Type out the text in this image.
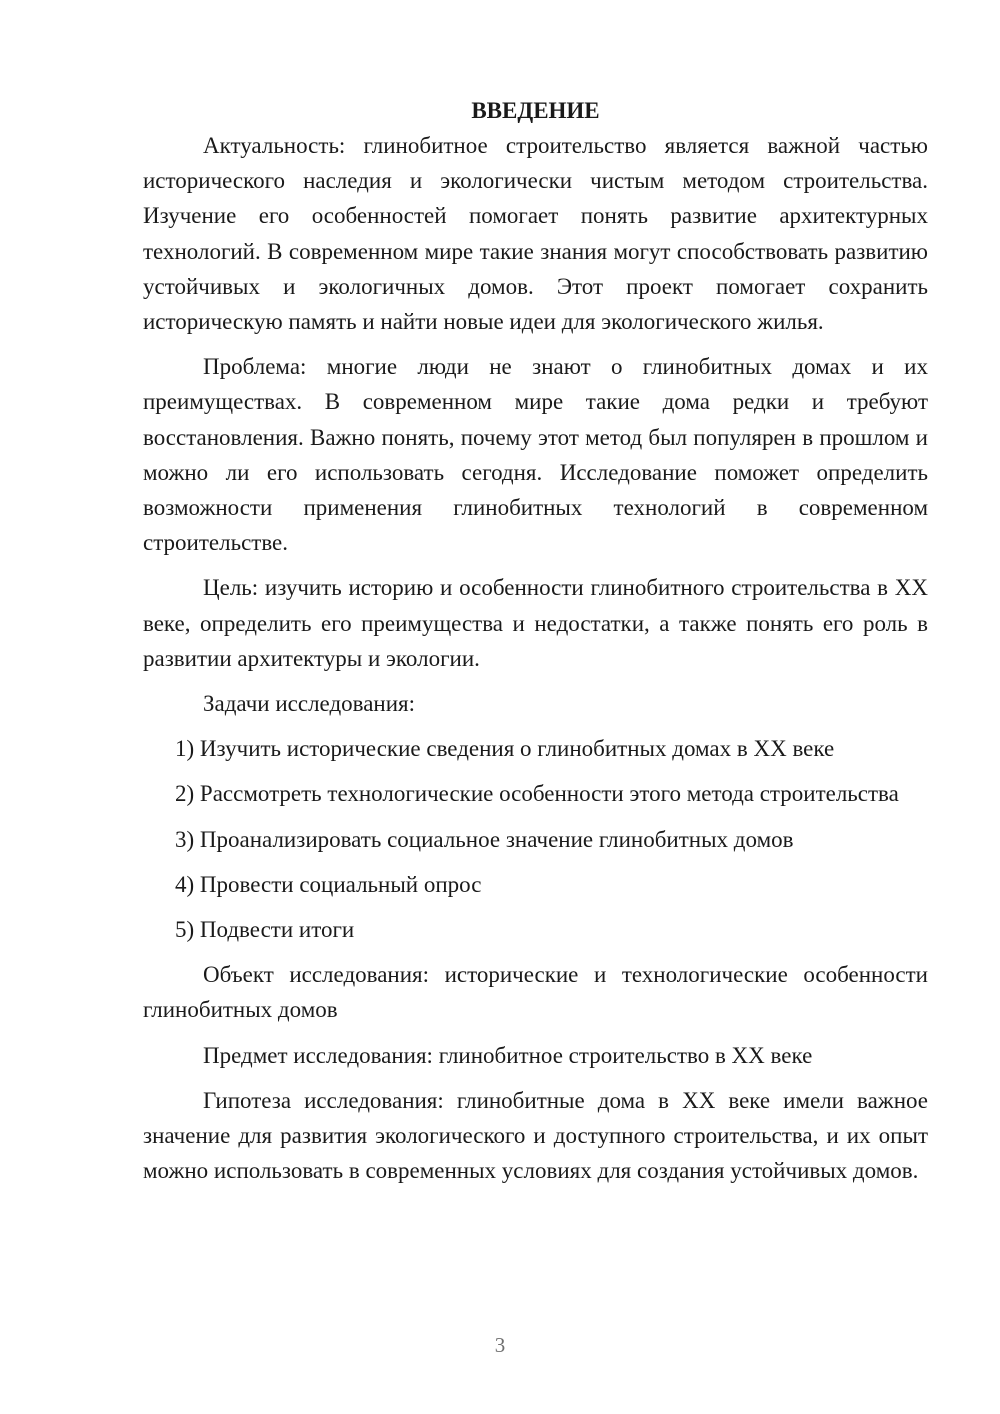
ВВЕДЕНИЕ

Актуальность: глинобитное строительство является важной частью исторического наследия и экологически чистым методом строительства. Изучение его особенностей помогает понять развитие архитектурных технологий. В современном мире такие знания могут способствовать развитию устойчивых и экологичных домов. Этот проект помогает сохранить историческую память и найти новые идеи для экологического жилья.

Проблема: многие люди не знают о глинобитных домах и их преимуществах. В современном мире такие дома редки и требуют восстановления. Важно понять, почему этот метод был популярен в прошлом и можно ли его использовать сегодня. Исследование поможет определить возможности применения глинобитных технологий в современном строительстве.

Цель: изучить историю и особенности глинобитного строительства в XX веке, определить его преимущества и недостатки, а также понять его роль в развитии архитектуры и экологии.

Задачи исследования:

1) Изучить исторические сведения о глинобитных домах в XX веке

2) Рассмотреть технологические особенности этого метода строительства

3) Проанализировать социальное значение глинобитных домов

4) Провести социальный опрос

5) Подвести итоги

Объект исследования: исторические и технологические особенности глинобитных домов

Предмет исследования: глинобитное строительство в XX веке

Гипотеза исследования: глинобитные дома в XX веке имели важное значение для развития экологического и доступного строительства, и их опыт можно использовать в современных условиях для создания устойчивых домов.

3
